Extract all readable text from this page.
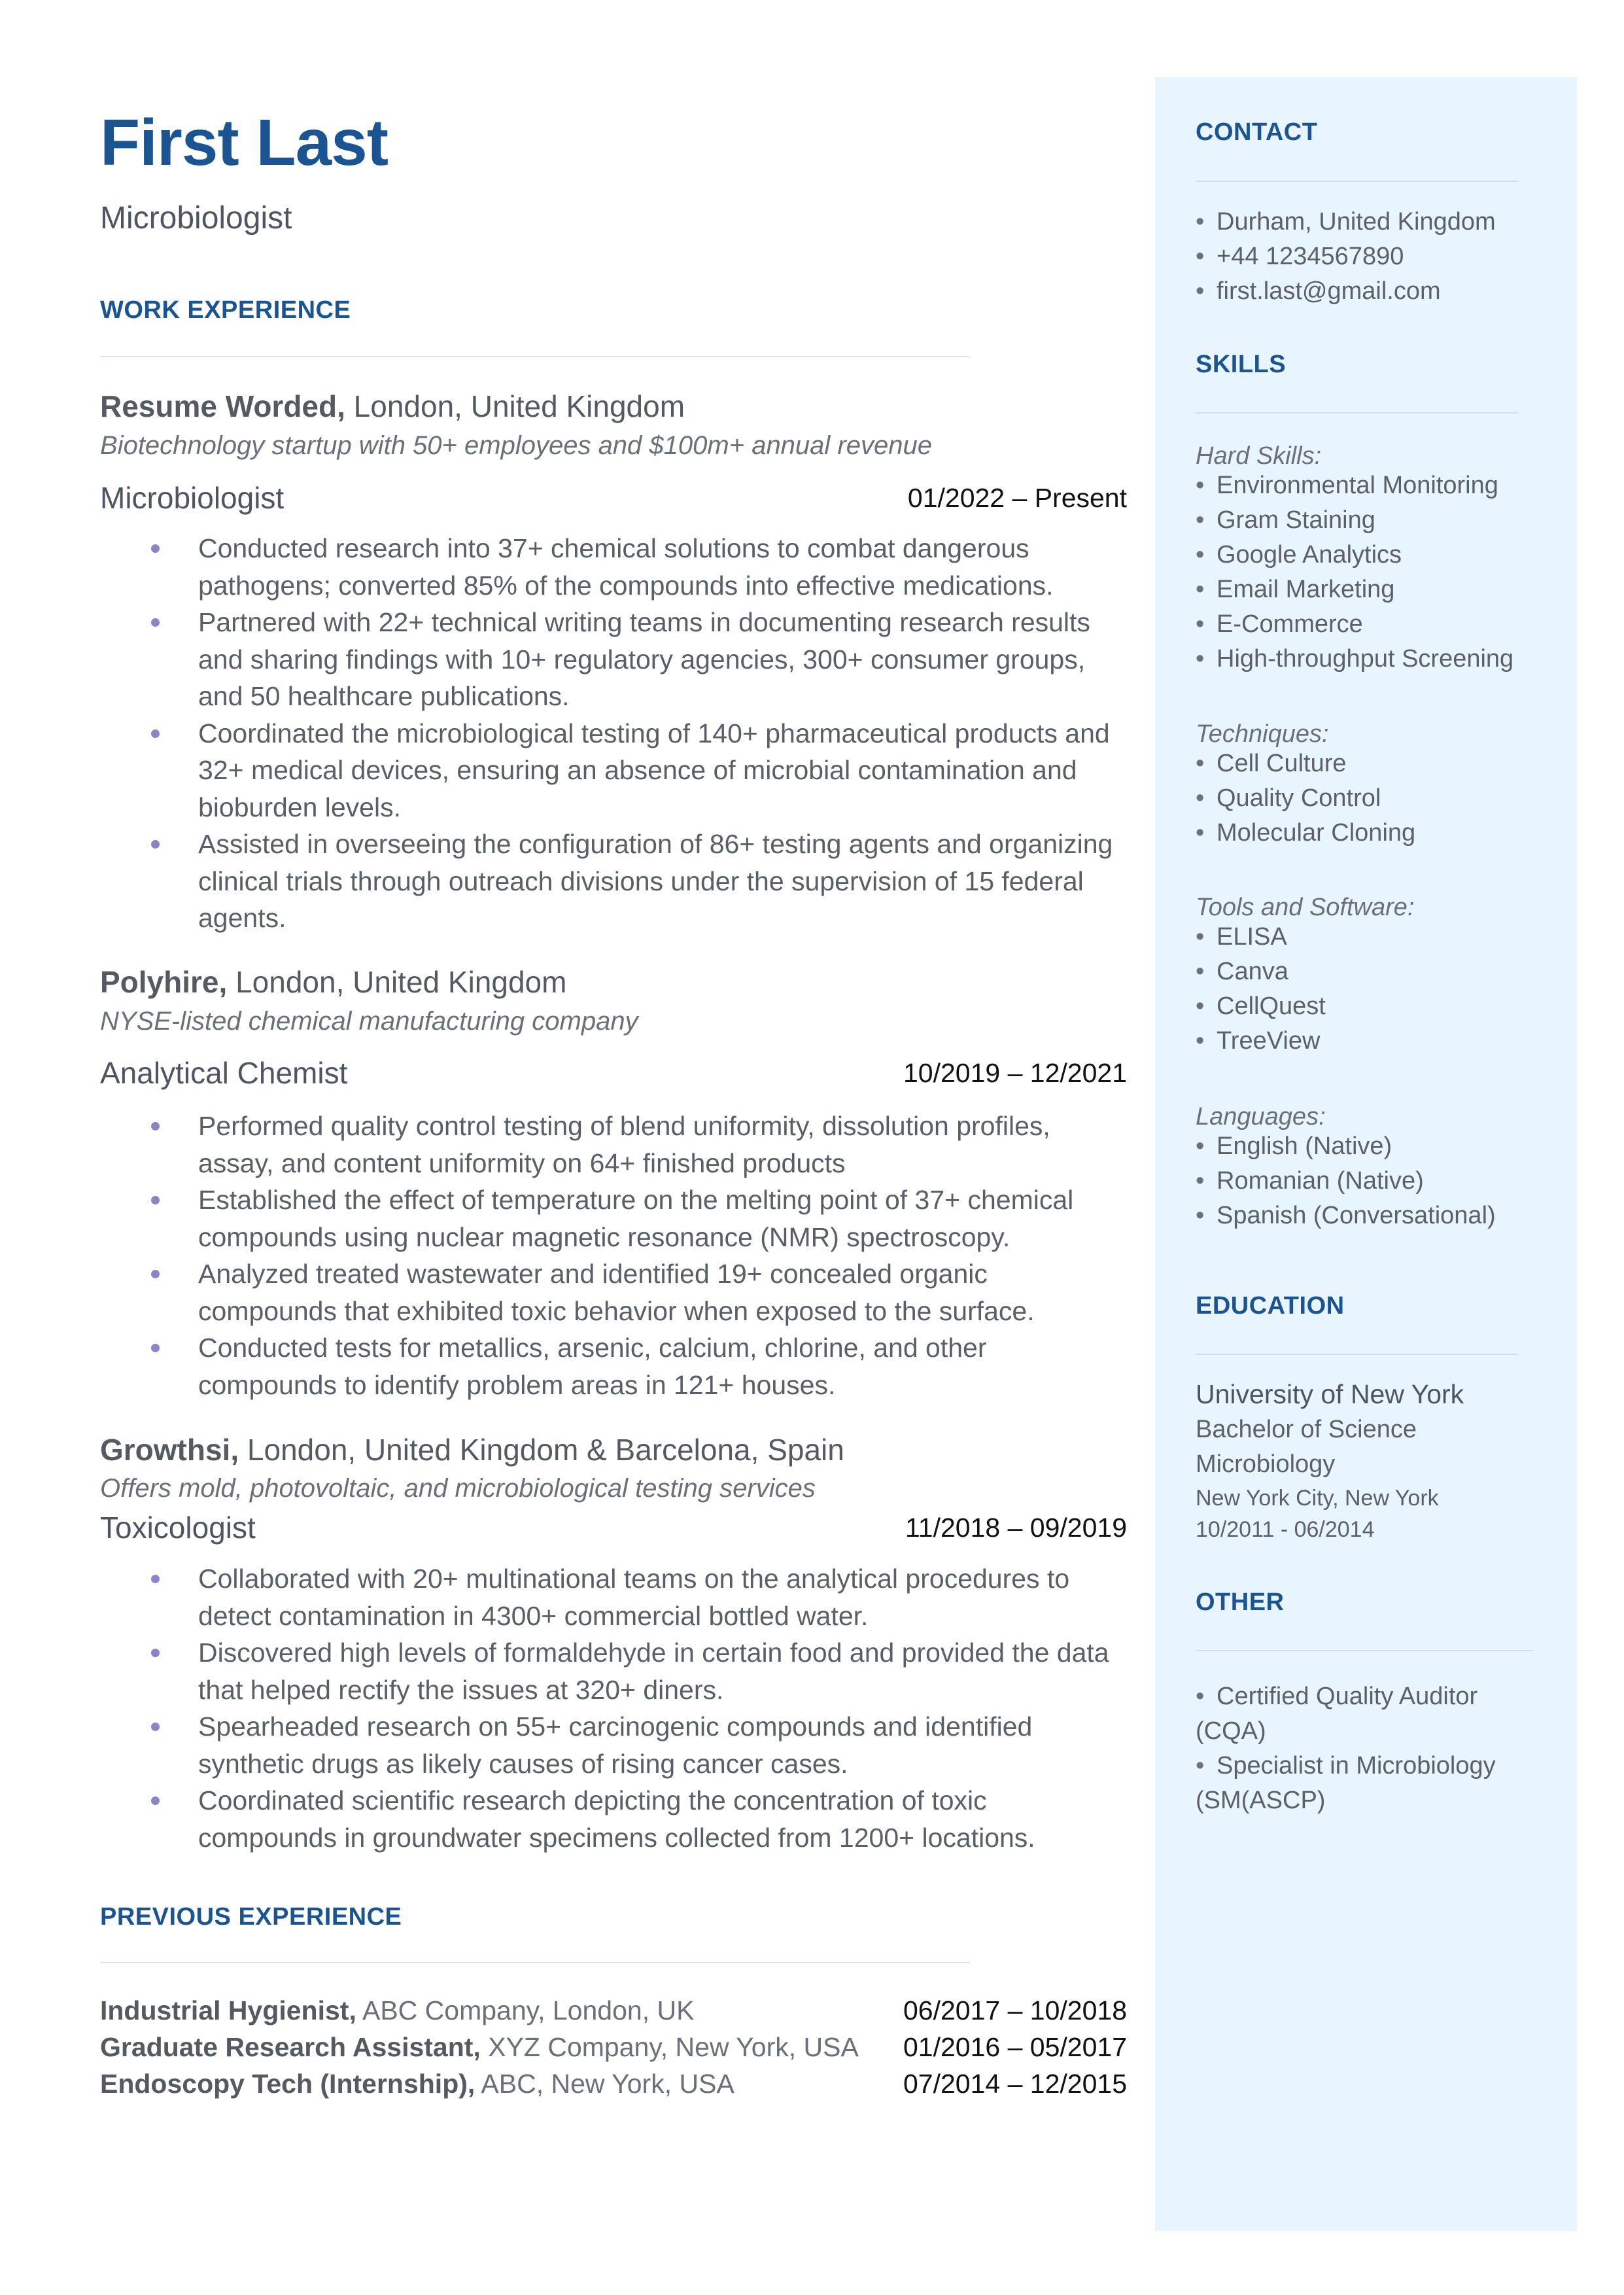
First Last
Microbiologist
WORK EXPERIENCE
Resume Worded, London, United Kingdom
Biotechnology startup with 50+ employees and $100m+ annual revenue
Microbiologist	01/2022 – Present
Conducted research into 37+ chemical solutions to combat dangerous pathogens; converted 85% of the compounds into effective medications.
Partnered with 22+ technical writing teams in documenting research results and sharing findings with 10+ regulatory agencies, 300+ consumer groups, and 50 healthcare publications.
Coordinated the microbiological testing of 140+ pharmaceutical products and 32+ medical devices, ensuring an absence of microbial contamination and bioburden levels.
Assisted in overseeing the configuration of 86+ testing agents and organizing clinical trials through outreach divisions under the supervision of 15 federal agents.
Polyhire, London, United Kingdom
NYSE-listed chemical manufacturing company
Analytical Chemist	10/2019 – 12/2021
Performed quality control testing of blend uniformity, dissolution profiles, assay, and content uniformity on 64+ finished products
Established the effect of temperature on the melting point of 37+ chemical compounds using nuclear magnetic resonance (NMR) spectroscopy.
Analyzed treated wastewater and identified 19+ concealed organic compounds that exhibited toxic behavior when exposed to the surface.
Conducted tests for metallics, arsenic, calcium, chlorine, and other compounds to identify problem areas in 121+ houses.
Growthsi, London, United Kingdom & Barcelona, Spain
Offers mold, photovoltaic, and microbiological testing services
Toxicologist	11/2018 – 09/2019
Collaborated with 20+ multinational teams on the analytical procedures to detect contamination in 4300+ commercial bottled water.
Discovered high levels of formaldehyde in certain food and provided the data that helped rectify the issues at 320+ diners.
Spearheaded research on 55+ carcinogenic compounds and identified synthetic drugs as likely causes of rising cancer cases.
Coordinated scientific research depicting the concentration of toxic compounds in groundwater specimens collected from 1200+ locations.
PREVIOUS EXPERIENCE
Industrial Hygienist, ABC Company, London, UK	06/2017 – 10/2018
Graduate Research Assistant, XYZ Company, New York, USA 01/2016 – 05/2017
Endoscopy Tech (Internship), ABC, New York, USA	07/2014 – 12/2015
CONTACT
• Durham, United Kingdom
• +44 1234567890
• first.last@gmail.com
SKILLS
Hard Skills:
• Environmental Monitoring
• Gram Staining
• Google Analytics
• Email Marketing
• E-Commerce
• High-throughput Screening
Techniques:
• Cell Culture
• Quality Control
• Molecular Cloning
Tools and Software:
• ELISA
• Canva
• CellQuest
• TreeView
Languages:
• English (Native)
• Romanian (Native)
• Spanish (Conversational)
EDUCATION
University of New York
Bachelor of Science
Microbiology
New York City, New York
10/2011 - 06/2014
OTHER
• Certified Quality Auditor
(CQA)
• Specialist in Microbiology
(SM(ASCP)
